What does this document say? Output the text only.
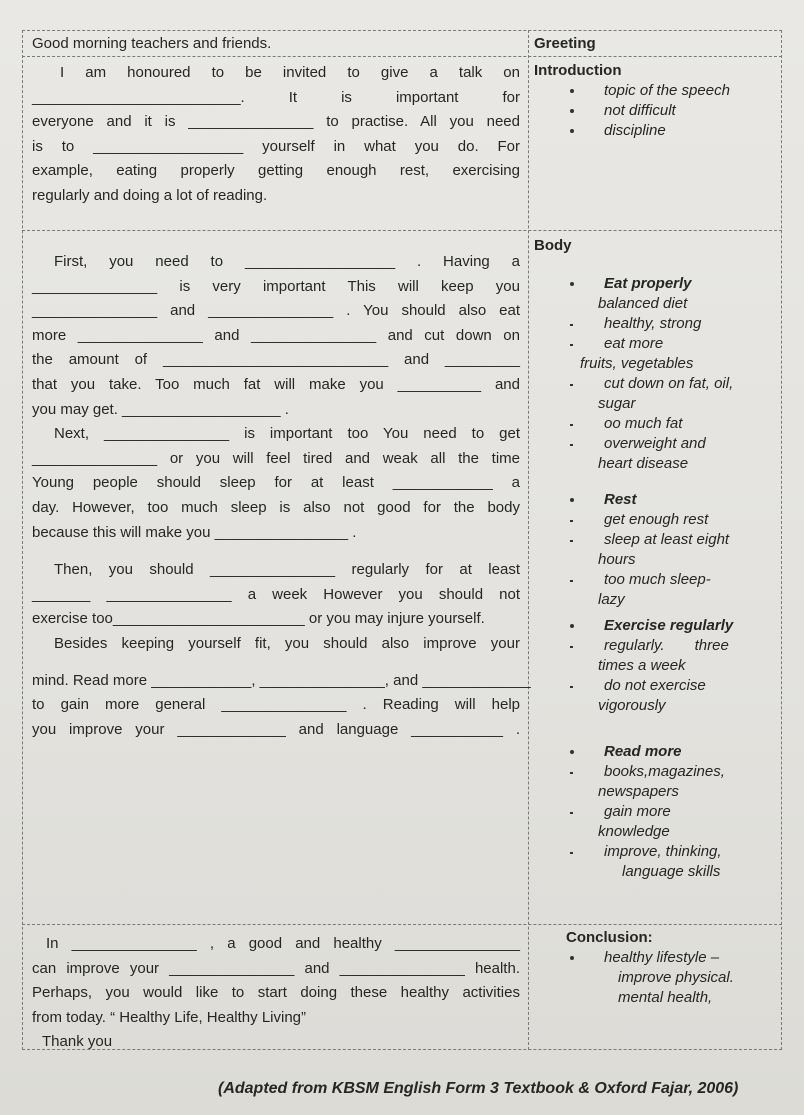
Good morning teachers and friends.	Greeting
I am honoured to be invited to give a talk on
_________________________. It is important for
everyone and it is _______________ to practise. All you need
is to __________________ yourself in what you do. For
example, eating properly getting enough rest, exercising
regularly and doing a lot of reading.
Introduction
topic of the speech
not difficult
discipline
First, you need to __________________ . Having a
_______________ is very important This will keep you
_______________ and _______________ . You should also eat
more _______________ and _______________ and cut down on
the amount of ___________________________ and _________
that you take. Too much fat will make you __________ and
you may get. ___________________ .
Next, _______________ is important too You need to get
_______________ or you will feel tired and weak all the time
Young people should sleep for at least ____________ a
day. However, too much sleep is also not good for the body
because this will make you ________________ .
Then, you should _______________ regularly for at least
_______ _______________ a week However you should not
exercise too_______________________ or you may injure yourself.
Besides keeping yourself fit, you should also improve your
mind. Read more ____________, _______________, and _____________
to gain more general _______________ . Reading will help
you improve your _____________ and language ___________ .
Body
Eat properly
balanced diet
healthy, strong
eat more
fruits, vegetables
cut down on fat, oil,
sugar
oo much fat
overweight and
heart disease
Rest
get enough rest
sleep at least eight
hours
too much sleep-
lazy
Exercise regularly
regularly. three
times a week
do not exercise
vigorously
Read more
books,magazines,
newspapers
gain more
knowledge
improve, thinking,
language skills
In _______________ , a good and healthy _______________
can improve your _______________ and _______________ health.
Perhaps, you would like to start doing these healthy activities
from today. “ Healthy Life, Healthy Living”
Thank you
Conclusion:
healthy lifestyle –
improve physical.
mental health,
(Adapted from KBSM English Form 3 Textbook & Oxford Fajar, 2006)
